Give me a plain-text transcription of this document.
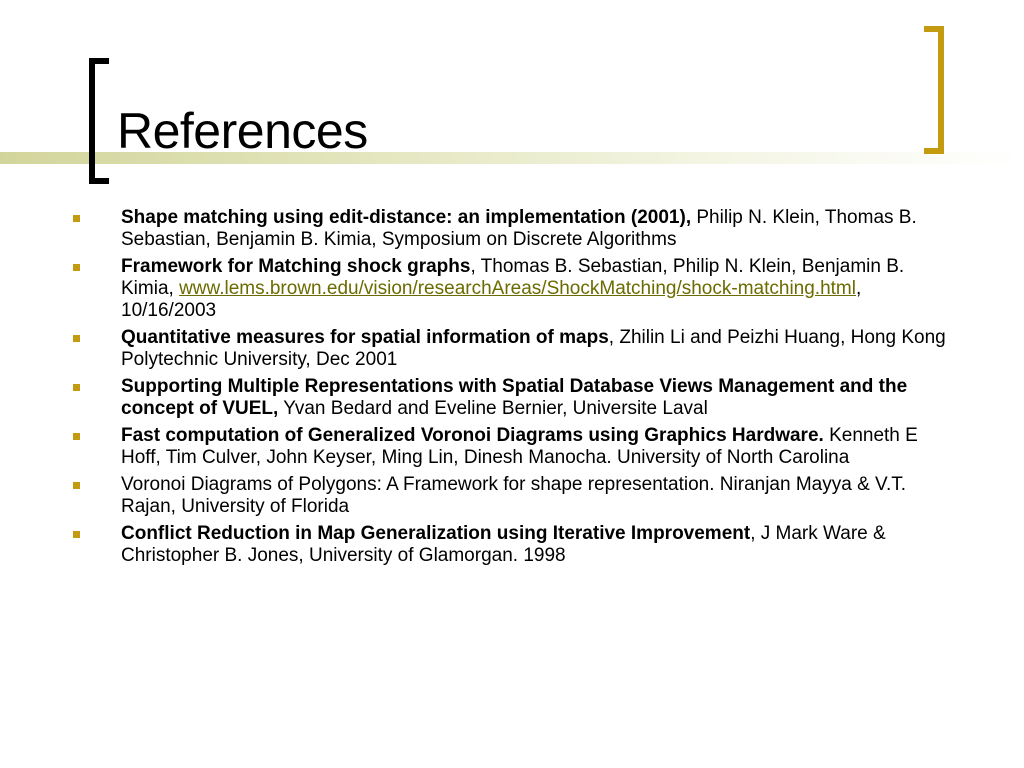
References
Shape matching using edit-distance: an implementation (2001), Philip N. Klein, Thomas B. Sebastian, Benjamin B. Kimia, Symposium on Discrete Algorithms
Framework for Matching shock graphs, Thomas B. Sebastian, Philip N. Klein, Benjamin B. Kimia, www.lems.brown.edu/vision/researchAreas/ShockMatching/shock-matching.html, 10/16/2003
Quantitative measures for spatial information of maps, Zhilin Li and Peizhi Huang, Hong Kong Polytechnic University, Dec 2001
Supporting Multiple Representations with Spatial Database Views Management and the concept of VUEL, Yvan Bedard and Eveline Bernier, Universite Laval
Fast computation of Generalized Voronoi Diagrams using Graphics Hardware. Kenneth E Hoff, Tim Culver, John Keyser, Ming Lin, Dinesh Manocha. University of North Carolina
Voronoi Diagrams of Polygons: A Framework for shape representation. Niranjan Mayya & V.T. Rajan, University of Florida
Conflict Reduction in Map Generalization using Iterative Improvement, J Mark Ware & Christopher B. Jones, University of Glamorgan. 1998
